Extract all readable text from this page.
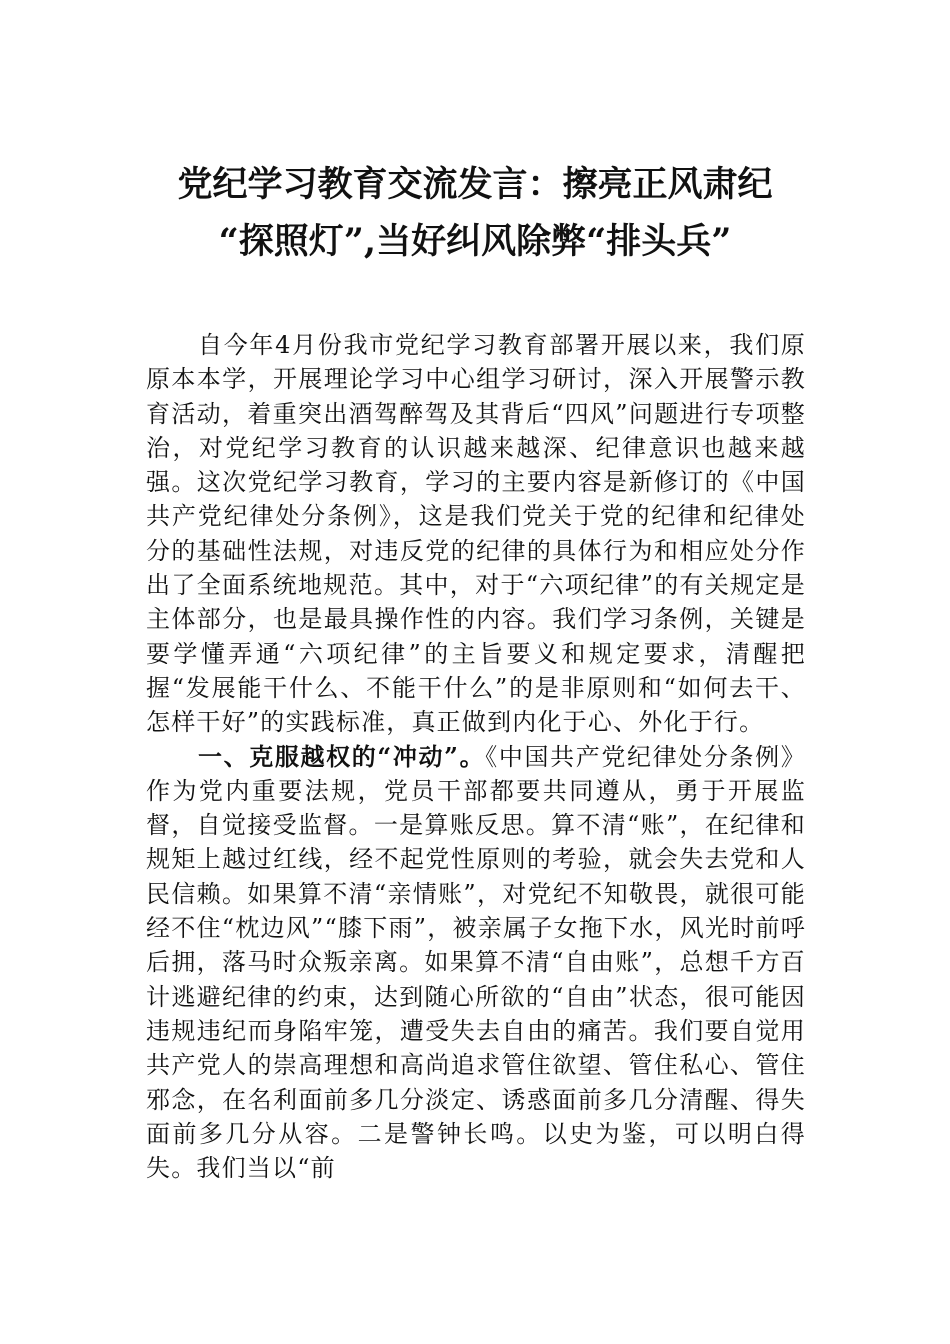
党纪学习教育交流发言：擦亮正风肃纪
“探照灯”,当好纠风除弊“排头兵”

自今年4月份我市党纪学习教育部署开展以来，我们原原本本学，开展理论学习中心组学习研讨，深入开展警示教育活动，着重突出酒驾醉驾及其背后“四风”问题进行专项整治，对党纪学习教育的认识越来越深、纪律意识也越来越强。这次党纪学习教育，学习的主要内容是新修订的《中国共产党纪律处分条例》，这是我们党关于党的纪律和纪律处分的基础性法规，对违反党的纪律的具体行为和相应处分作出了全面系统地规范。其中，对于“六项纪律”的有关规定是主体部分，也是最具操作性的内容。我们学习条例，关键是要学懂弄通“六项纪律”的主旨要义和规定要求，清醒把握“发展能干什么、不能干什么”的是非原则和“如何去干、怎样干好”的实践标准，真正做到内化于心、外化于行。

一、克服越权的“冲动”。《中国共产党纪律处分条例》作为党内重要法规，党员干部都要共同遵从，勇于开展监督，自觉接受监督。一是算账反思。算不清“账”，在纪律和规矩上越过红线，经不起党性原则的考验，就会失去党和人民信赖。如果算不清“亲情账”，对党纪不知敬畏，就很可能经不住“枕边风”“膝下雨”，被亲属子女拖下水，风光时前呼后拥，落马时众叛亲离。如果算不清“自由账”，总想千方百计逃避纪律的约束，达到随心所欲的“自由”状态，很可能因违规违纪而身陷牢笼，遭受失去自由的痛苦。我们要自觉用共产党人的崇高理想和高尚追求管住欲望、管住私心、管住邪念，在名利面前多几分淡定、诱惑面前多几分清醒、得失面前多几分从容。二是警钟长鸣。以史为鉴，可以明白得失。我们当以“前
